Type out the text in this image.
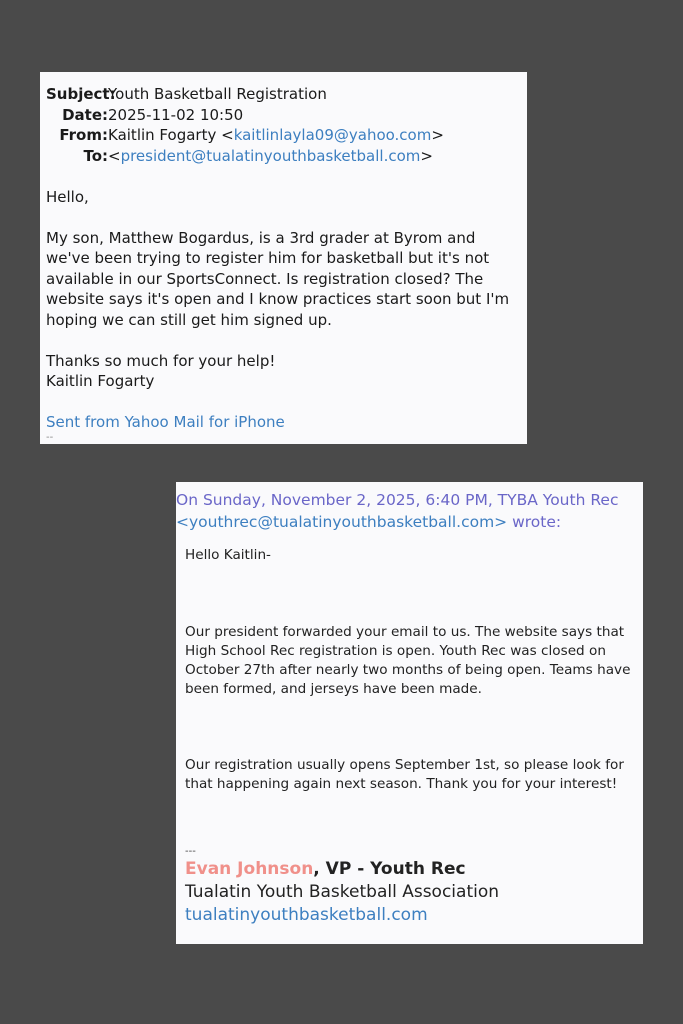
Subject:Youth Basketball Registration
Date:2025-11-02 10:50
From:Kaitlin Fogarty <kaitlinlayla09@yahoo.com>
To:<president@tualatinyouthbasketball.com>

Hello,

My son, Matthew Bogardus, is a 3rd grader at Byrom and we've been trying to register him for basketball but it's not available in our SportsConnect. Is registration closed? The website says it's open and I know practices start soon but I'm hoping we can still get him signed up.

Thanks so much for your help!

Kaitlin Fogarty

Sent from Yahoo Mail for iPhone

--
On Sunday, November 2, 2025, 6:40 PM, TYBA Youth Rec
<youthrec@tualatinyouthbasketball.com> wrote:

Hello Kaitlin-

Our president forwarded your email to us. The website says that High School Rec registration is open. Youth Rec was closed on October 27th after nearly two months of being open. Teams have been formed, and jerseys have been made.

Our registration usually opens September 1st, so please look for that happening again next season. Thank you for your interest!

---
Evan Johnson, VP - Youth Rec
Tualatin Youth Basketball Association
tualatinyouthbasketball.com
